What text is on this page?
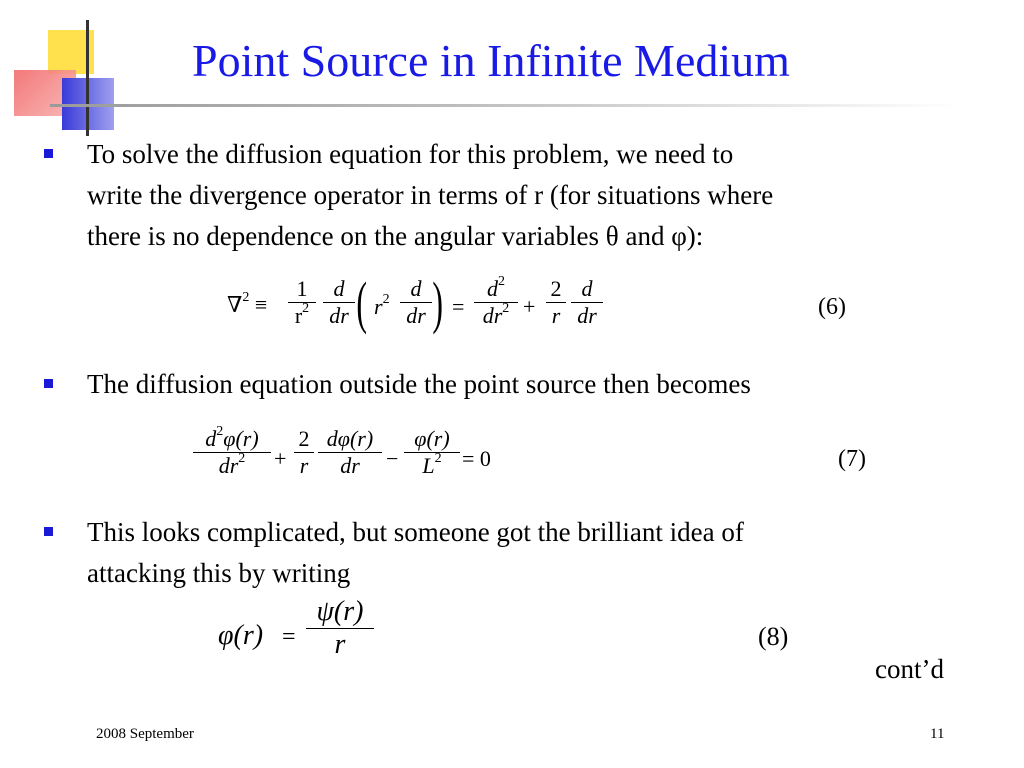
Point Source in Infinite Medium
To solve the diffusion equation for this problem, we need to
write the divergence operator in terms of r (for situations where
there is no dependence on the angular variables θ and φ):
$\nabla^2 \equiv \frac{1}{r^2} \frac{d}{dr}$ ( $r^2 \frac{d}{dr}$ ) = $\frac{d^2}{dr^2} + \frac{2}{r} \frac{d}{dr}$	(6)
The diffusion equation outside the point source then becomes
$\frac{d^2\varphi(r)}{dr^2} + \frac{2}{r} \frac{d\varphi(r)}{dr} - \frac{\varphi(r)}{L^2} = 0$	(7)
This looks complicated, but someone got the brilliant idea of
attacking this by writing
$\varphi(r) = \frac{\psi(r)}{r}$	(8)
cont’d
2008 September	11
